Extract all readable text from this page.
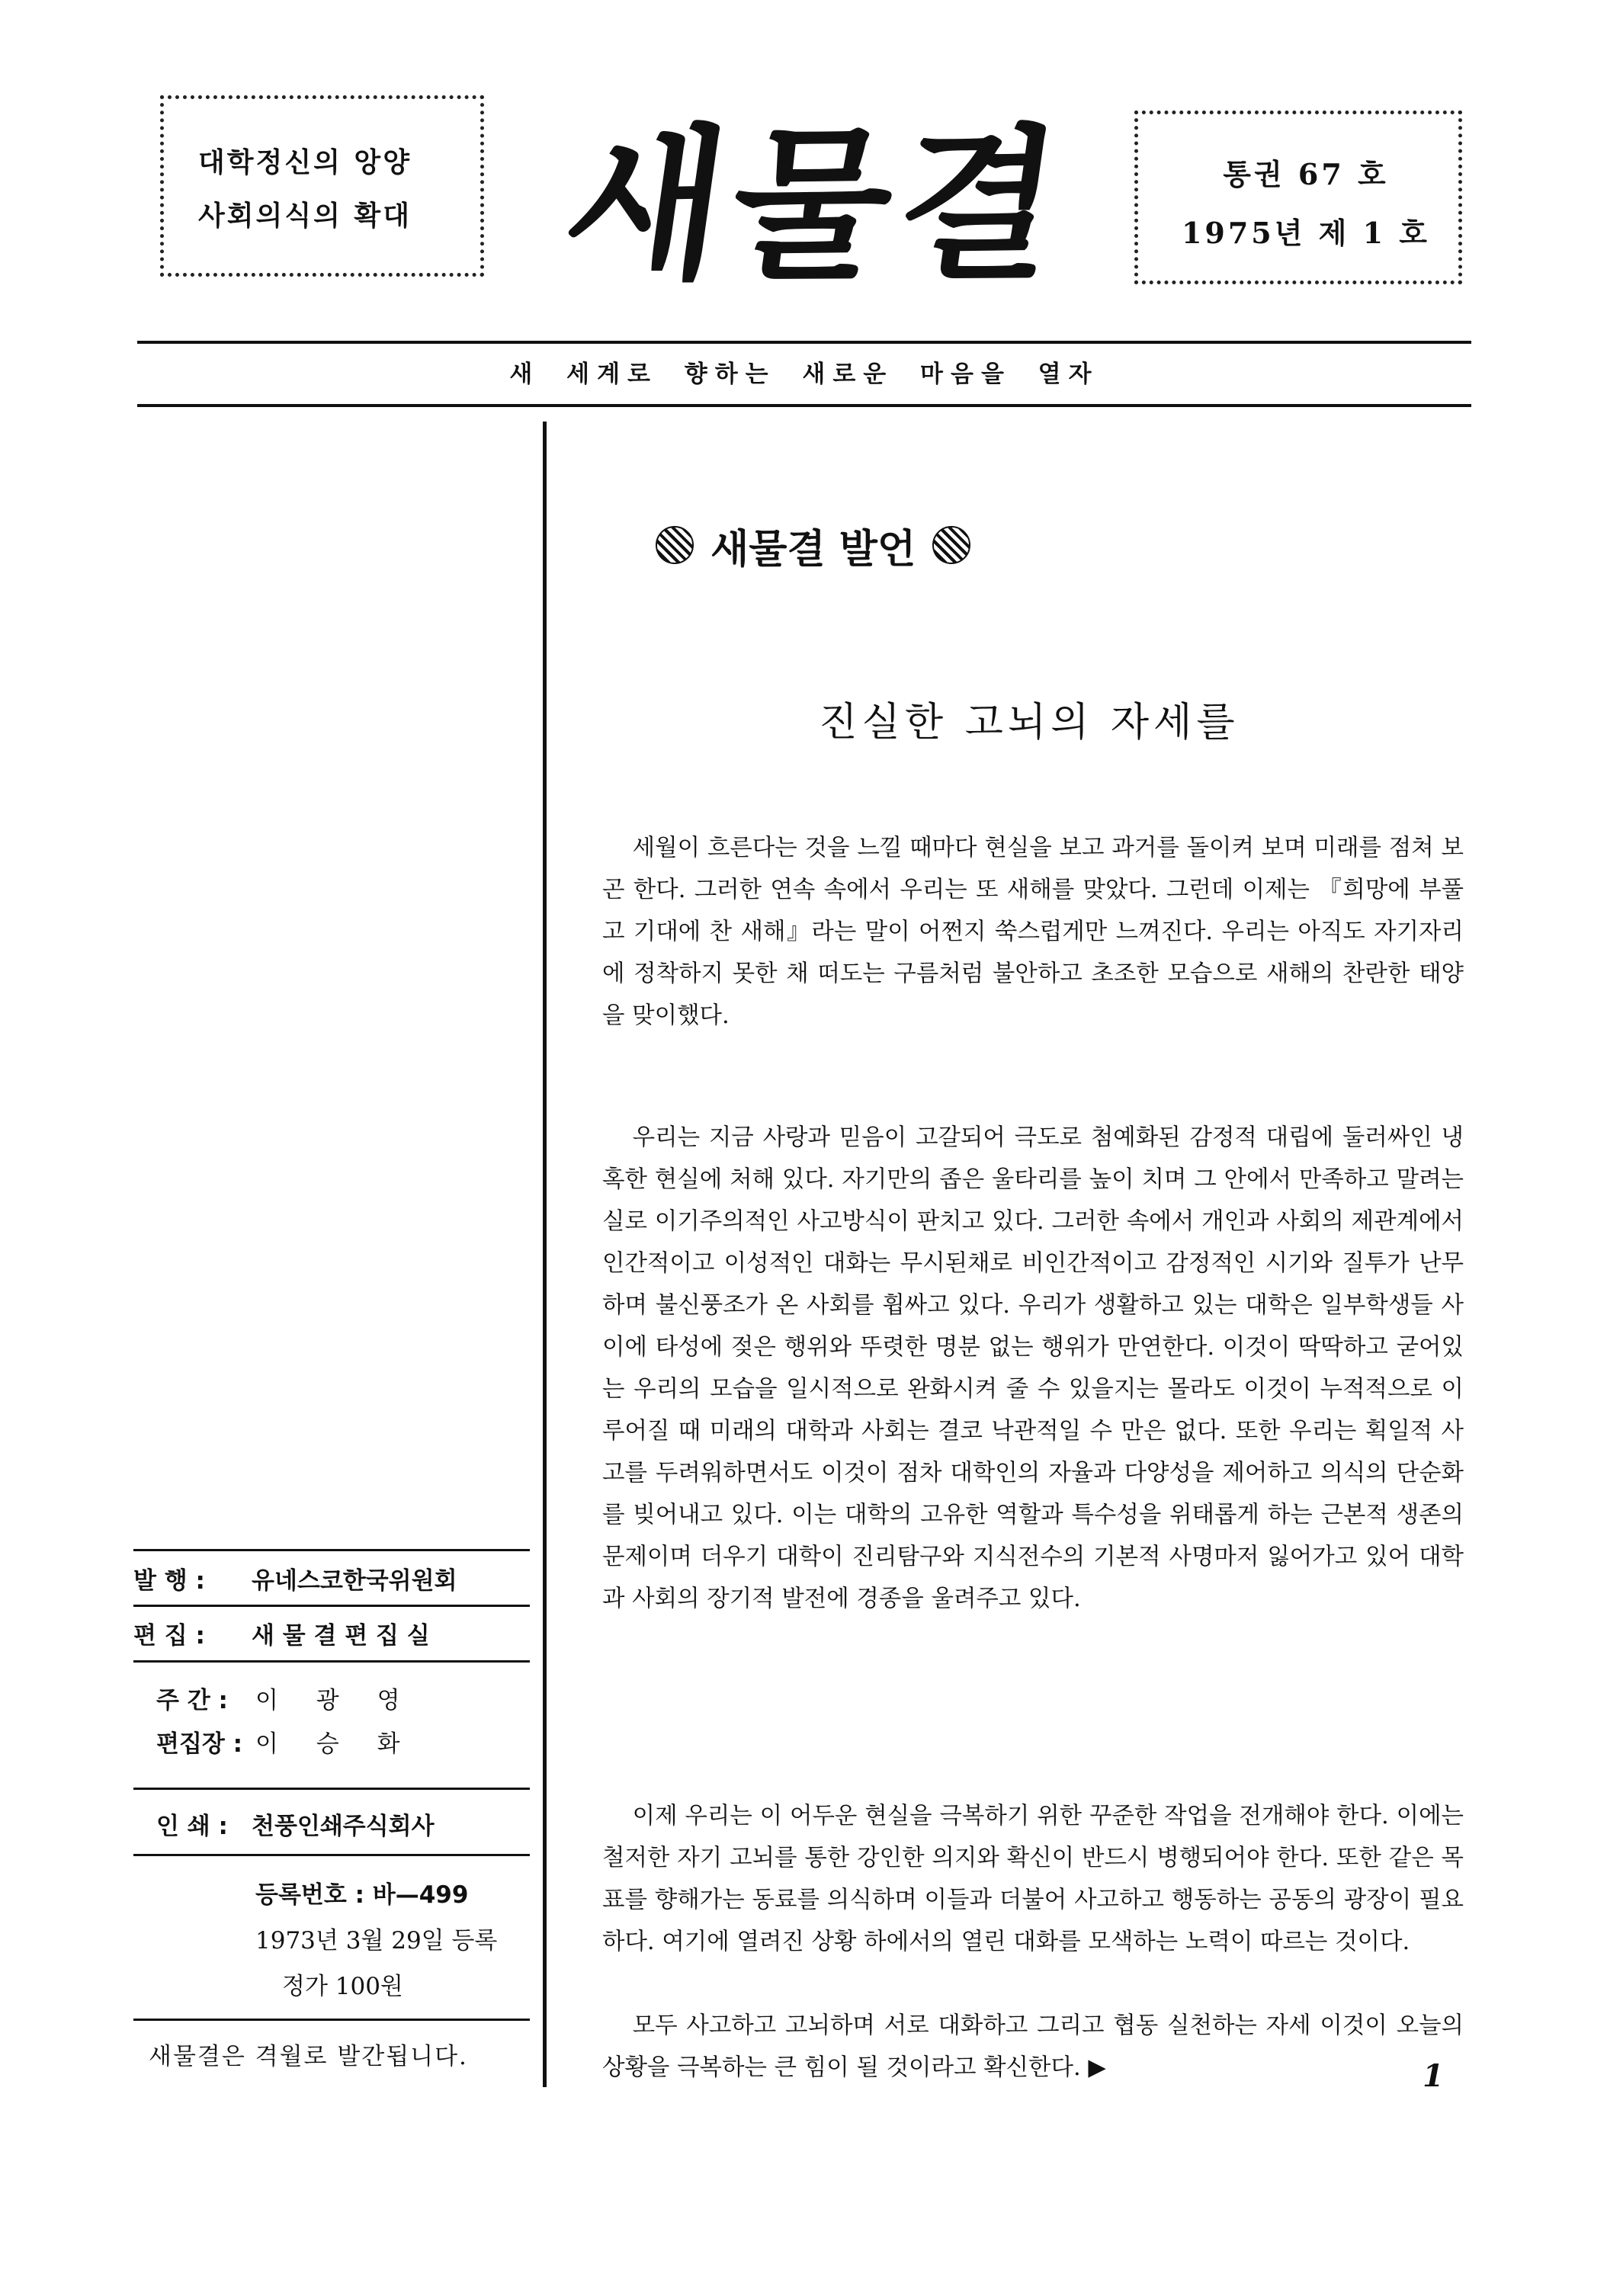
대학정신의 앙양
사회의식의 확대 새물결	통권 67 호
1975년 제 1 호
새 세계로 향하는 새로운 마음을 열자
새물결 발언
진실한 고뇌의 자세를
세월이 흐른다는 것을 느낄 때마다 현실을 보고 과거를 돌이켜 보며 미래를 점쳐 보곤 한다. 그러한 연속 속에서 우리는 또 새해를 맞았다. 그런데 이제는 『희망에 부풀고 기대에 찬 새해』라는 말이 어쩐지 쑥스럽게만 느껴진다. 우리는 아직도 자기자리에 정착하지 못한 채 떠도는 구름처럼 불안하고 초조한 모습으로 새해의 찬란한 태양을 맞이했다.
우리는 지금 사랑과 믿음이 고갈되어 극도로 첨예화된 감정적 대립에 둘러싸인 냉혹한 현실에 처해 있다. 자기만의 좁은 울타리를 높이 치며 그 안에서 만족하고 말려는 실로 이기주의적인 사고방식이 판치고 있다. 그러한 속에서 개인과 사회의 제관계에서 인간적이고 이성적인 대화는 무시된채로 비인간적이고 감정적인 시기와 질투가 난무하며 불신풍조가 온 사회를 휩싸고 있다. 우리가 생활하고 있는 대학은 일부학생들 사이에 타성에 젖은 행위와 뚜렷한 명분 없는 행위가 만연한다. 이것이 딱딱하고 굳어있는 우리의 모습을 일시적으로 완화시켜 줄 수 있을지는 몰라도 이것이 누적적으로 이루어질 때 미래의 대학과 사회는 결코 낙관적일 수 만은 없다. 또한 우리는 획일적 사고를 두려워하면서도 이것이 점차 대학인의 자율과 다양성을 제어하고 의식의 단순화를 빚어내고 있다. 이는 대학의 고유한 역할과 특수성을 위태롭게 하는 근본적 생존의 문제이며 더우기 대학이 진리탐구와 지식전수의 기본적 사명마저 잃어가고 있어 대학과 사회의 장기적 발전에 경종을 울려주고 있다.
이제 우리는 이 어두운 현실을 극복하기 위한 꾸준한 작업을 전개해야 한다. 이에는 철저한 자기 고뇌를 통한 강인한 의지와 확신이 반드시 병행되어야 한다. 또한 같은 목표를 향해가는 동료를 의식하며 이들과 더불어 사고하고 행동하는 공동의 광장이 필요하다. 여기에 열려진 상황 하에서의 열린 대화를 모색하는 노력이 따르는 것이다.
모두 사고하고 고뇌하며 서로 대화하고 그리고 협동 실천하는 자세 이것이 오늘의 상황을 극복하는 큰 힘이 될 것이라고 확신한다. ▶
발 행 : 유네스코한국위원회
편 집 : 새 물 결 편 집 실
주 간 : 이 광 영
편집장 : 이 승 화
인 쇄 : 천풍인쇄주식회사
등록번호 : 바—499
1973년 3월 29일 등록
정가 100원
새물결은 격월로 발간됩니다.
1
